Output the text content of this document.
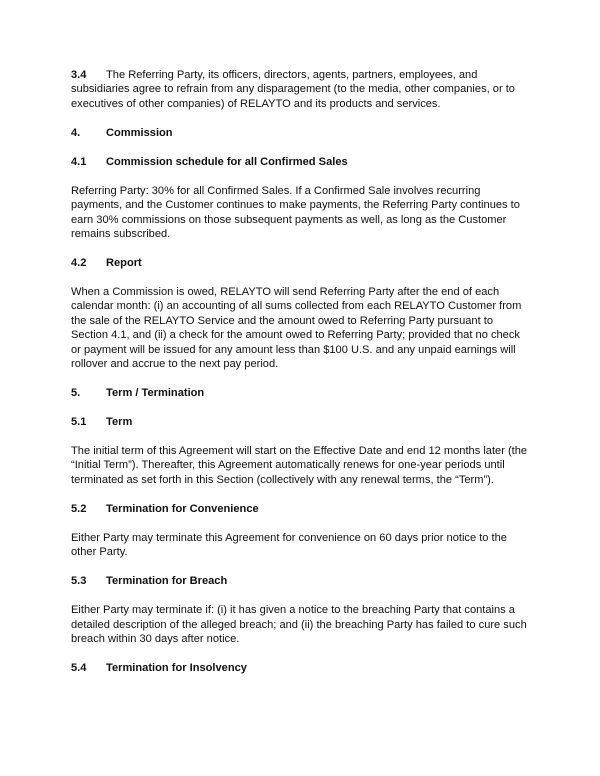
3.4 The Referring Party, its officers, directors, agents, partners, employees, and subsidiaries agree to refrain from any disparagement (to the media, other companies, or to executives of other companies) of RELAYTO and its products and services.

4.	Commission
4.1	Commission schedule for all Confirmed Sales

Referring Party: 30% for all Confirmed Sales. If a Confirmed Sale involves recurring payments, and the Customer continues to make payments, the Referring Party continues to earn 30% commissions on those subsequent payments as well, as long as the Customer remains subscribed.

4.2	Report

When a Commission is owed, RELAYTO will send Referring Party after the end of each calendar month: (i) an accounting of all sums collected from each RELAYTO Customer from the sale of the RELAYTO Service and the amount owed to Referring Party pursuant to Section 4.1, and (ii) a check for the amount owed to Referring Party; provided that no check or payment will be issued for any amount less than $100 U.S. and any unpaid earnings will rollover and accrue to the next pay period.

5.	Term / Termination
5.1	Term

The initial term of this Agreement will start on the Effective Date and end 12 months later (the “Initial Term”). Thereafter, this Agreement automatically renews for one-year periods until terminated as set forth in this Section (collectively with any renewal terms, the “Term”).

5.2	Termination for Convenience

Either Party may terminate this Agreement for convenience on 60 days prior notice to the other Party.

5.3	Termination for Breach

Either Party may terminate if: (i) it has given a notice to the breaching Party that contains a detailed description of the alleged breach; and (ii) the breaching Party has failed to cure such breach within 30 days after notice.

5.4	Termination for Insolvency
